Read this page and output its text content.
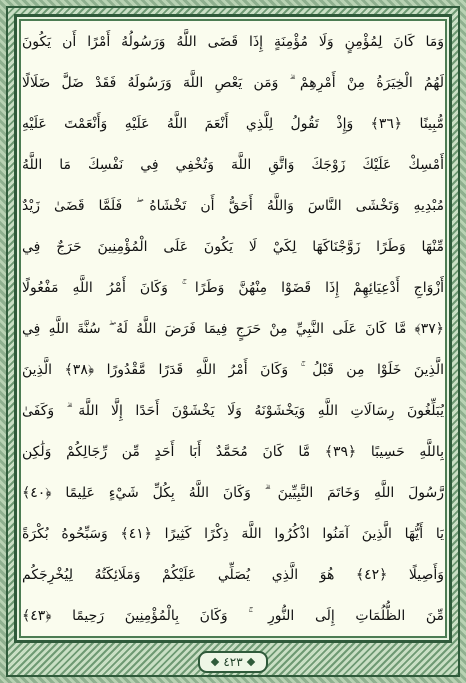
وَمَا كَانَ لِمُؤْمِنٍ وَلَا مُؤْمِنَةٍ إِذَا قَضَى اللَّهُ وَرَسُولُهُ أَمْرًا أَن يَكُونَ
لَهُمُ الْخِيَرَةُ مِنْ أَمْرِهِمْ ۗ وَمَن يَعْصِ اللَّهَ وَرَسُولَهُ فَقَدْ ضَلَّ ضَلَالًا
مُّبِينًا ﴿٣٦﴾ وَإِذْ تَقُولُ لِلَّذِي أَنْعَمَ اللَّهُ عَلَيْهِ وَأَنْعَمْتَ عَلَيْهِ
أَمْسِكْ عَلَيْكَ زَوْجَكَ وَاتَّقِ اللَّهَ وَتُخْفِي فِي نَفْسِكَ مَا اللَّهُ
مُبْدِيهِ وَتَخْشَى النَّاسَ وَاللَّهُ أَحَقُّ أَن تَخْشَاهُ ۖ فَلَمَّا قَضَىٰ زَيْدٌ
مِّنْهَا وَطَرًا زَوَّجْنَاكَهَا لِكَيْ لَا يَكُونَ عَلَى الْمُؤْمِنِينَ حَرَجٌ فِي
أَزْوَاجِ أَدْعِيَائِهِمْ إِذَا قَضَوْا مِنْهُنَّ وَطَرًا ۚ وَكَانَ أَمْرُ اللَّهِ مَفْعُولًا
﴿٣٧﴾ مَّا كَانَ عَلَى النَّبِيِّ مِنْ حَرَجٍ فِيمَا فَرَضَ اللَّهُ لَهُ ۖ سُنَّةَ اللَّهِ فِي
الَّذِينَ خَلَوْا مِن قَبْلُ ۚ وَكَانَ أَمْرُ اللَّهِ قَدَرًا مَّقْدُورًا ﴿٣٨﴾ الَّذِينَ
يُبَلِّغُونَ رِسَالَاتِ اللَّهِ وَيَخْشَوْنَهُ وَلَا يَخْشَوْنَ أَحَدًا إِلَّا اللَّهَ ۗ وَكَفَىٰ
بِاللَّهِ حَسِيبًا ﴿٣٩﴾ مَّا كَانَ مُحَمَّدٌ أَبَا أَحَدٍ مِّن رِّجَالِكُمْ وَلَٰكِن
رَّسُولَ اللَّهِ وَخَاتَمَ النَّبِيِّينَ ۗ وَكَانَ اللَّهُ بِكُلِّ شَيْءٍ عَلِيمًا ﴿٤٠﴾
يَا أَيُّهَا الَّذِينَ آمَنُوا اذْكُرُوا اللَّهَ ذِكْرًا كَثِيرًا ﴿٤١﴾ وَسَبِّحُوهُ بُكْرَةً
وَأَصِيلًا ﴿٤٢﴾ هُوَ الَّذِي يُصَلِّي عَلَيْكُمْ وَمَلَائِكَتُهُ لِيُخْرِجَكُم
مِّنَ الظُّلُمَاتِ إِلَى النُّورِ ۚ وَكَانَ بِالْمُؤْمِنِينَ رَحِيمًا ﴿٤٣﴾
٤٢٣
